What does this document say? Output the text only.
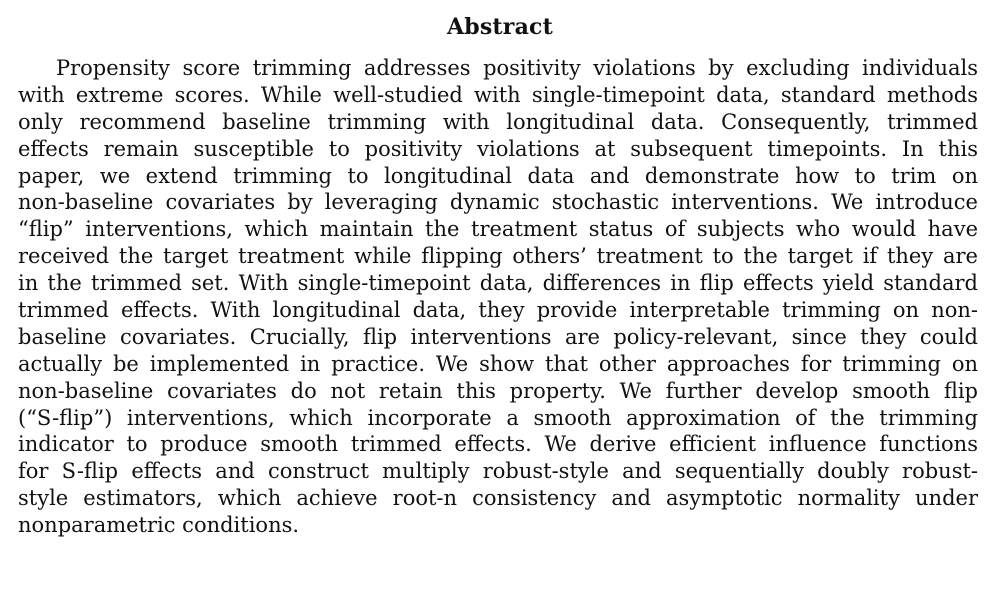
Abstract
Propensity score trimming addresses positivity violations by excluding individuals
with extreme scores. While well-studied with single-timepoint data, standard methods
only recommend baseline trimming with longitudinal data. Consequently, trimmed
effects remain susceptible to positivity violations at subsequent timepoints. In this
paper, we extend trimming to longitudinal data and demonstrate how to trim on
non-baseline covariates by leveraging dynamic stochastic interventions. We introduce
“flip” interventions, which maintain the treatment status of subjects who would have
received the target treatment while flipping others’ treatment to the target if they are
in the trimmed set. With single-timepoint data, differences in flip effects yield standard
trimmed effects. With longitudinal data, they provide interpretable trimming on non-
baseline covariates. Crucially, flip interventions are policy-relevant, since they could
actually be implemented in practice. We show that other approaches for trimming on
non-baseline covariates do not retain this property. We further develop smooth flip
(“S-flip”) interventions, which incorporate a smooth approximation of the trimming
indicator to produce smooth trimmed effects. We derive efficient influence functions
for S-flip effects and construct multiply robust-style and sequentially doubly robust-
style estimators, which achieve root-n consistency and asymptotic normality under
nonparametric conditions.
